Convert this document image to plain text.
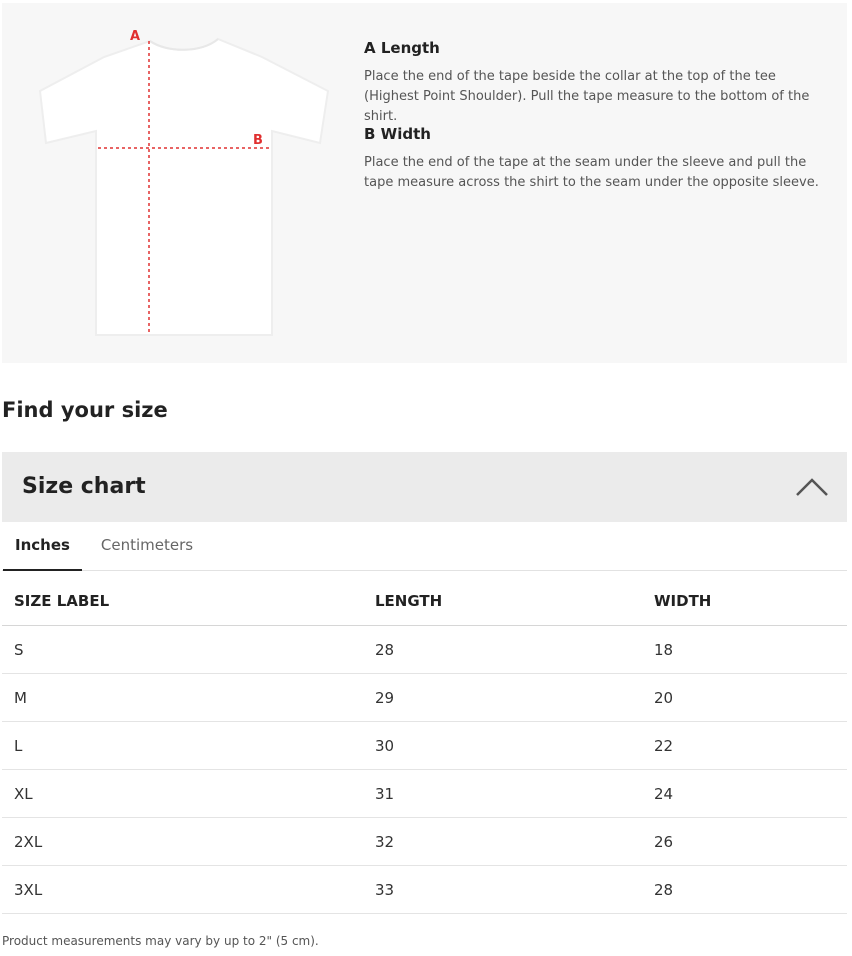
A
B
A Length

Place the end of the tape beside the collar at the top of the tee (Highest Point Shoulder). Pull the tape measure to the bottom of the shirt.

B Width

Place the end of the tape at the seam under the sleeve and pull the tape measure across the shirt to the seam under the opposite sleeve.

Find your size
Size chart
Inches	Centimeters
SIZE LABEL	LENGTH	WIDTH
S	28	18
M	29	20
L	30	22
XL	31	24
2XL	32	26
3XL	33	28
Product measurements may vary by up to 2" (5 cm).
